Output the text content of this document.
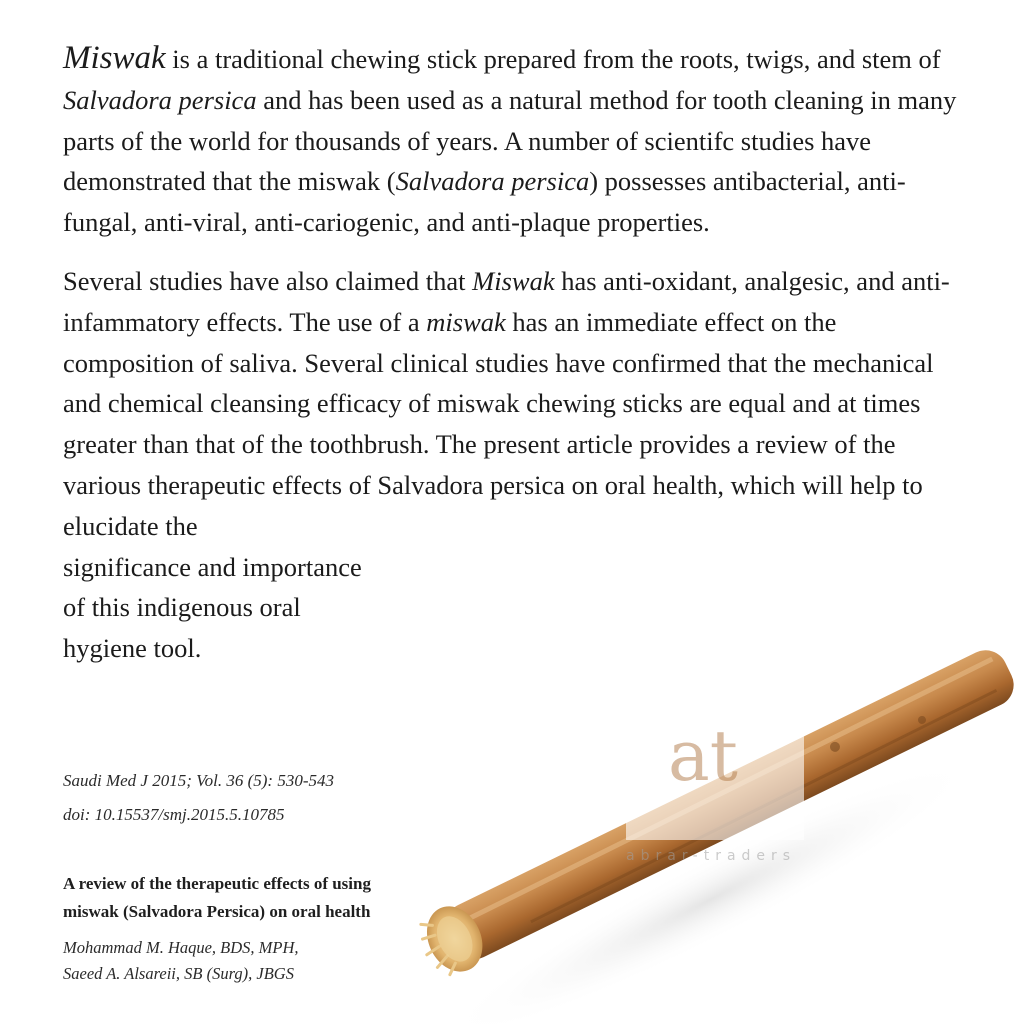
at
abrar-traders

Miswak is a traditional chewing stick prepared from the roots, twigs, and stem of Salvadora persica and has been used as a natural method for tooth cleaning in many parts of the world for thousands of years. A number of scientifc studies have demonstrated that the miswak (Salvadora persica) possesses antibacterial, anti-fungal, anti-viral, anti-cariogenic, and anti-plaque properties.

Several studies have also claimed that Miswak has anti-oxidant, analgesic, and anti-infammatory effects. The use of a miswak has an immediate effect on the composition of saliva. Several clinical studies have confirmed that the mechanical and chemical cleansing efficacy of miswak chewing sticks are equal and at times greater than that of the toothbrush. The present article provides a review of the various therapeutic effects of Salvadora persica on oral health, which will help to elucidate the
significance and importance
of this indigenous oral
hygiene tool.

Saudi Med J 2015; Vol. 36 (5): 530-543
doi: 10.15537/smj.2015.5.10785
A review of the therapeutic effects of using
miswak (Salvadora Persica) on oral health
Mohammad M. Haque, BDS, MPH,
Saeed A. Alsareii, SB (Surg), JBGS
